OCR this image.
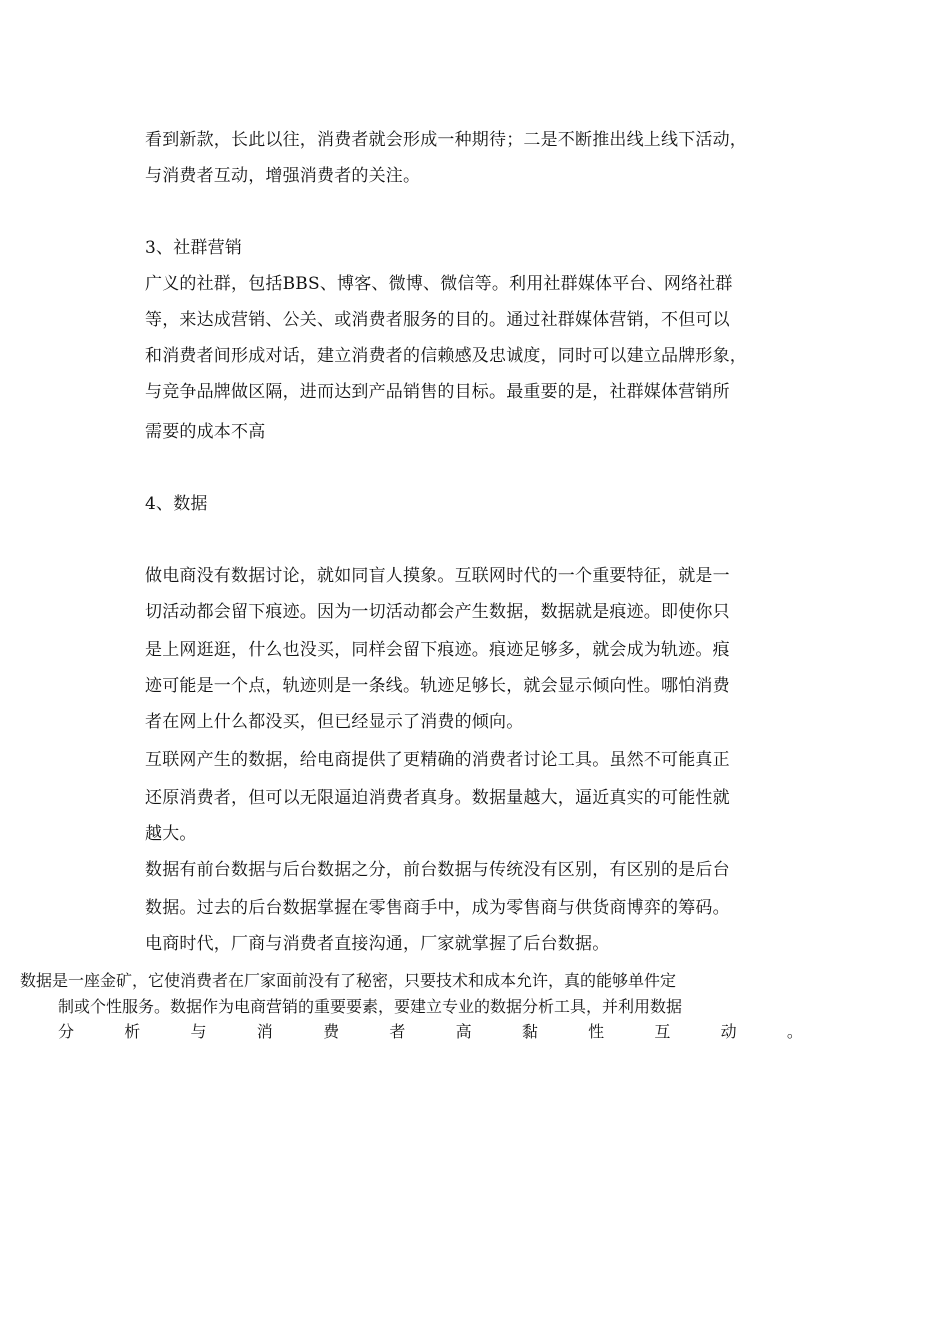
看到新款，长此以往，消费者就会形成一种期待；二是不断推出线上线下活动，
与消费者互动，增强消费者的关注。
3、社群营销
广义的社群，包括BBS、博客、微博、微信等。利用社群媒体平台、网络社群
等，来达成营销、公关、或消费者服务的目的。通过社群媒体营销，不但可以
和消费者间形成对话，建立消费者的信赖感及忠诚度，同时可以建立品牌形象，
与竞争品牌做区隔，进而达到产品销售的目标。最重要的是，社群媒体营销所
需要的成本不高
4、数据
做电商没有数据讨论，就如同盲人摸象。互联网时代的一个重要特征，就是一
切活动都会留下痕迹。因为一切活动都会产生数据，数据就是痕迹。即使你只
是上网逛逛，什么也没买，同样会留下痕迹。痕迹足够多，就会成为轨迹。痕
迹可能是一个点，轨迹则是一条线。轨迹足够长，就会显示倾向性。哪怕消费
者在网上什么都没买，但已经显示了消费的倾向。
互联网产生的数据，给电商提供了更精确的消费者讨论工具。虽然不可能真正
还原消费者，但可以无限逼迫消费者真身。数据量越大，逼近真实的可能性就
越大。
数据有前台数据与后台数据之分，前台数据与传统没有区别，有区别的是后台
数据。过去的后台数据掌握在零售商手中，成为零售商与供货商博弈的筹码。
电商时代，厂商与消费者直接沟通，厂家就掌握了后台数据。
数据是一座金矿，它使消费者在厂家面前没有了秘密，只要技术和成本允许，真的能够单件定
制或个性服务。数据作为电商营销的重要要素，要建立专业的数据分析工具，并利用数据
分	析	与	消	费	者	高	黏	性	互	动	。
